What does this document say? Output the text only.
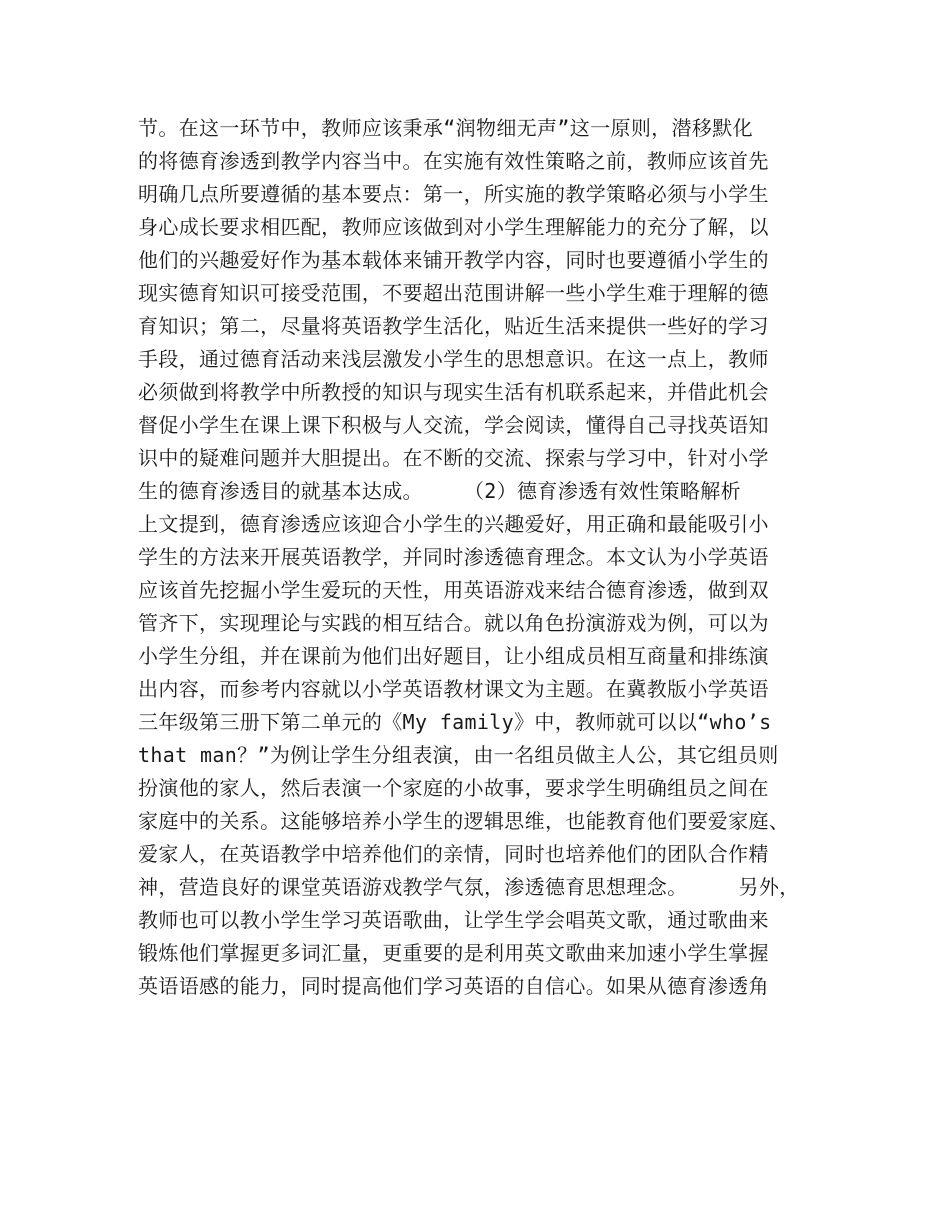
节。在这一环节中，教师应该秉承“润物细无声”这一原则，潜移默化
的将德育渗透到教学内容当中。在实施有效性策略之前，教师应该首先
明确几点所要遵循的基本要点：第一，所实施的教学策略必须与小学生
身心成长要求相匹配，教师应该做到对小学生理解能力的充分了解，以
他们的兴趣爱好作为基本载体来铺开教学内容，同时也要遵循小学生的
现实德育知识可接受范围，不要超出范围讲解一些小学生难于理解的德
育知识；第二，尽量将英语教学生活化，贴近生活来提供一些好的学习
手段，通过德育活动来浅层激发小学生的思想意识。在这一点上，教师
必须做到将教学中所教授的知识与现实生活有机联系起来，并借此机会
督促小学生在课上课下积极与人交流，学会阅读，懂得自己寻找英语知
识中的疑难问题并大胆提出。在不断的交流、探索与学习中，针对小学
生的德育渗透目的就基本达成。　　　（2）德育渗透有效性策略解析
上文提到，德育渗透应该迎合小学生的兴趣爱好，用正确和最能吸引小
学生的方法来开展英语教学，并同时渗透德育理念。本文认为小学英语
应该首先挖掘小学生爱玩的天性，用英语游戏来结合德育渗透，做到双
管齐下，实现理论与实践的相互结合。就以角色扮演游戏为例，可以为
小学生分组，并在课前为他们出好题目，让小组成员相互商量和排练演
出内容，而参考内容就以小学英语教材课文为主题。在冀教版小学英语
三年级第三册下第二单元的《My family》中，教师就可以以“who’s
that man？”为例让学生分组表演，由一名组员做主人公，其它组员则
扮演他的家人，然后表演一个家庭的小故事，要求学生明确组员之间在
家庭中的关系。这能够培养小学生的逻辑思维，也能教育他们要爱家庭、
爱家人，在英语教学中培养他们的亲情，同时也培养他们的团队合作精
神，营造良好的课堂英语游戏教学气氛，渗透德育思想理念。　　　另外，
教师也可以教小学生学习英语歌曲，让学生学会唱英文歌，通过歌曲来
锻炼他们掌握更多词汇量，更重要的是利用英文歌曲来加速小学生掌握
英语语感的能力，同时提高他们学习英语的自信心。如果从德育渗透角
